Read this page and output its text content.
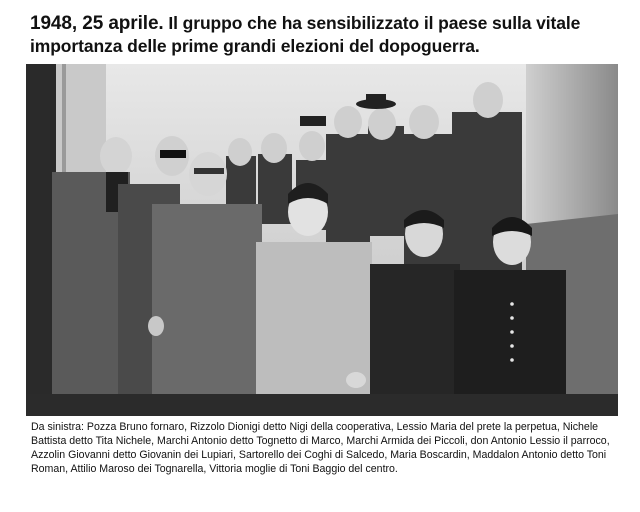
1948, 25 aprile. Il gruppo che ha sensibilizzato il paese sulla vitale importanza delle prime grandi elezioni del dopoguerra.
Da sinistra: Pozza Bruno fornaro, Rizzolo Dionigi detto Nigi della cooperativa, Lessio Maria del prete la perpetua, Nichele Battista detto Tita Nichele, Marchi Antonio detto Tognetto di Marco, Marchi Armida dei Piccoli, don Antonio Lessio il parroco, Azzolin Giovanni detto Giovanin dei Lupiari, Sartorello dei Coghi di Salcedo, Maria Boscardin, Maddalon Antonio detto Toni Roman, Attilio Maroso dei Tognarella, Vittoria moglie di Toni Baggio del centro.
